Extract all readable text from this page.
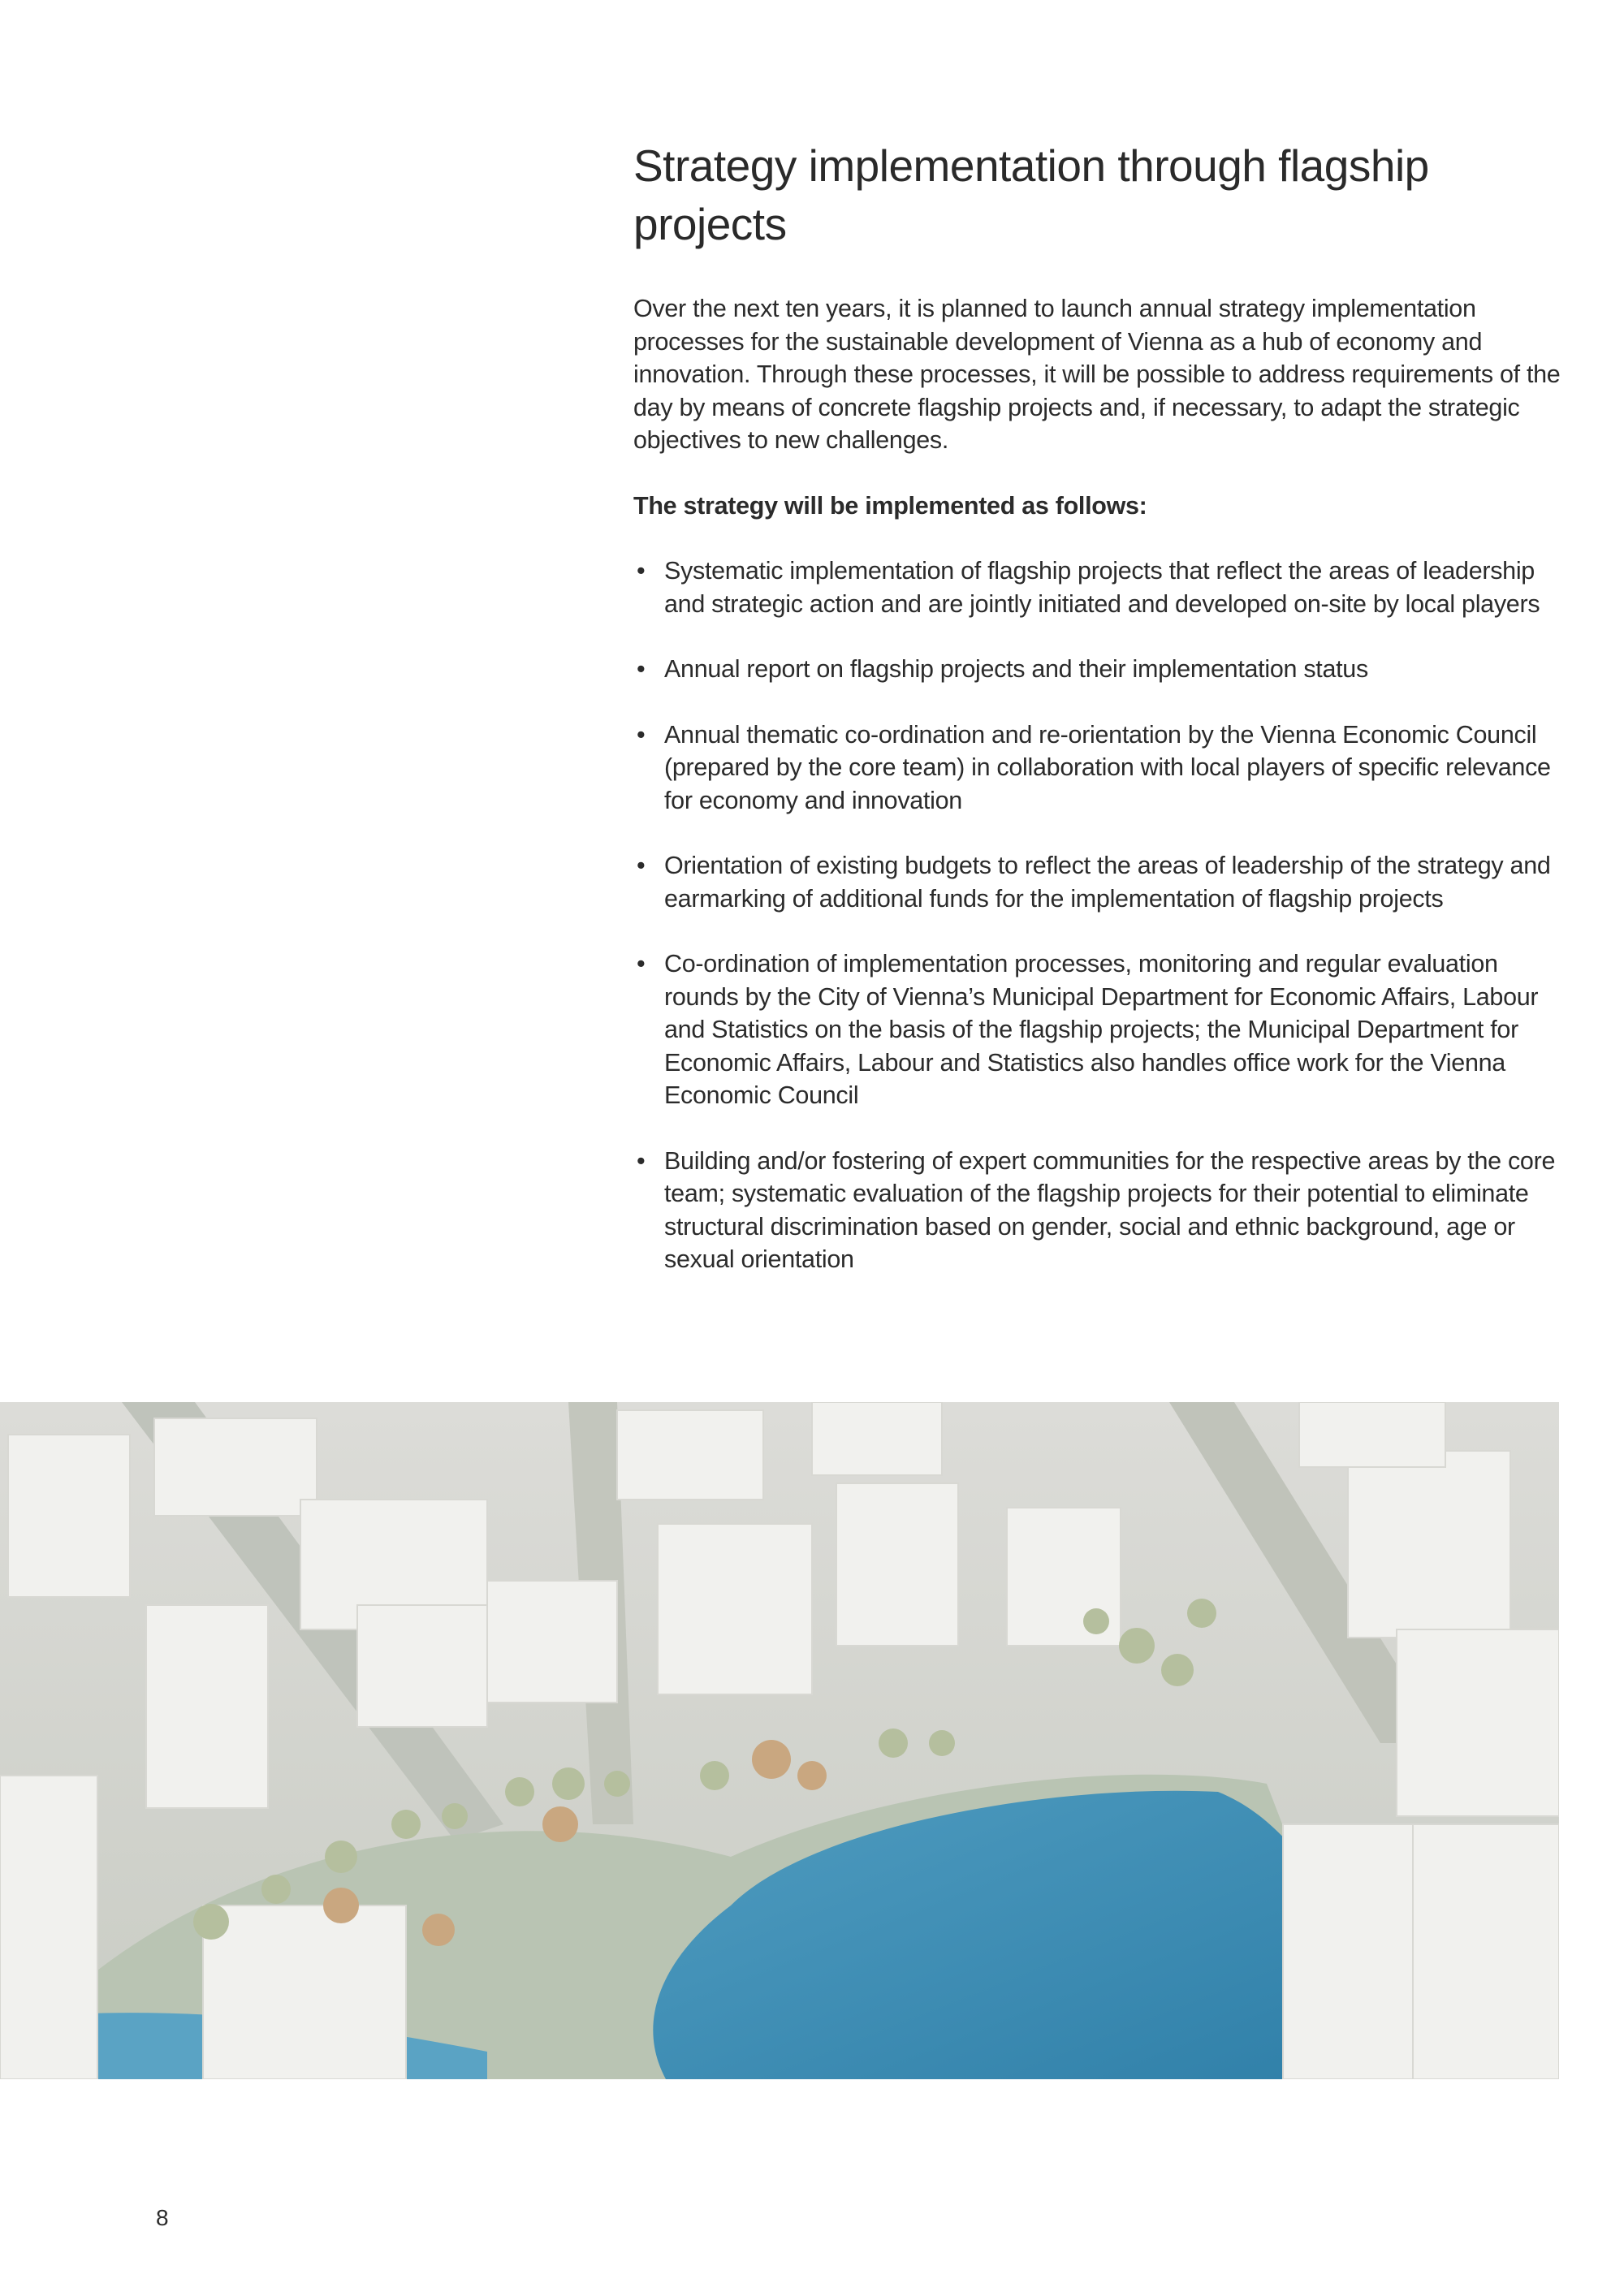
Strategy implementation through flagship projects

Over the next ten years, it is planned to launch annual strategy implementation processes for the sustainable development of Vienna as a hub of economy and innovation. Through these processes, it will be possible to address requirements of the day by means of concrete flagship projects and, if necessary, to adapt the strategic objectives to new challenges.

The strategy will be implemented as follows:

• Systematic implementation of flagship projects that reflect the areas of leadership and strategic action and are jointly initiated and developed on-site by local players
• Annual report on flagship projects and their implementation status
• Annual thematic co-ordination and re-orientation by the Vienna Economic Council (prepared by the core team) in collaboration with local players of specific relevance for economy and innovation
• Orientation of existing budgets to reflect the areas of leadership of the strategy and earmarking of additional funds for the implementation of flagship projects
• Co-ordination of implementation processes, monitoring and regular evaluation rounds by the City of Vienna’s Municipal Department for Economic Affairs, Labour and Statistics on the basis of the flagship projects; the Municipal Department for Economic Affairs, Labour and Statistics also handles office work for the Vienna Economic Council
• Building and/or fostering of expert communities for the respective areas by the core team; systematic evaluation of the flagship projects for their potential to eliminate structural discrimination based on gender, social and ethnic background, age or sexual orientation
8
